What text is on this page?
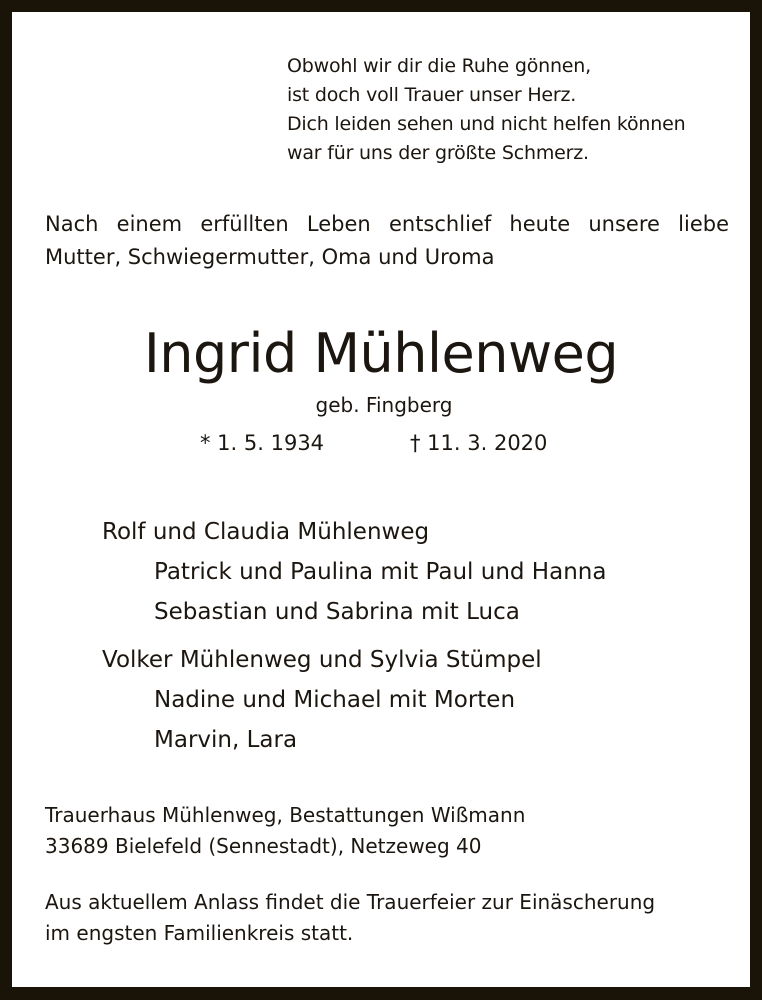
Obwohl wir dir die Ruhe gönnen,
ist doch voll Trauer unser Herz.
Dich leiden sehen und nicht helfen können
war für uns der größte Schmerz.
Nach einem erfüllten Leben entschlief heute unsere liebe
Mutter, Schwiegermutter, Oma und Uroma
Ingrid Mühlenweg
geb. Fingberg
* 1. 5. 1934	† 11. 3. 2020
Rolf und Claudia Mühlenweg
Patrick und Paulina mit Paul und Hanna
Sebastian und Sabrina mit Luca
Volker Mühlenweg und Sylvia Stümpel
Nadine und Michael mit Morten
Marvin, Lara
Trauerhaus Mühlenweg, Bestattungen Wißmann
33689 Bielefeld (Sennestadt), Netzeweg 40
Aus aktuellem Anlass findet die Trauerfeier zur Einäscherung
im engsten Familienkreis statt.
